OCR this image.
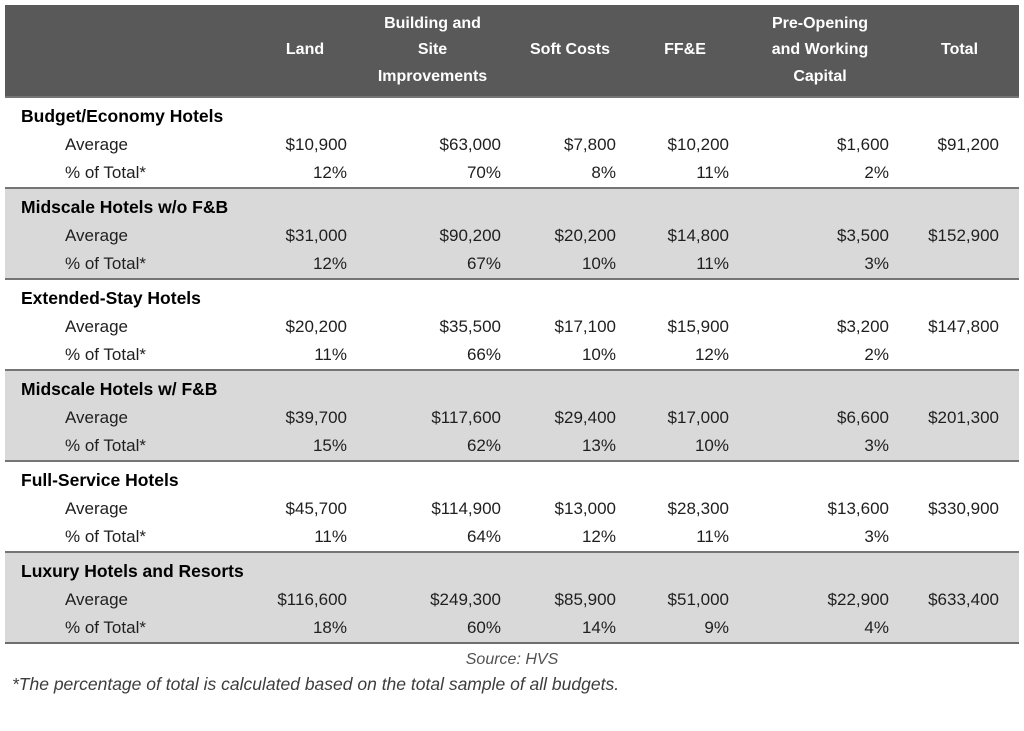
	Land	Building and Site Improvements	Soft Costs	FF&E	Pre-Opening and Working Capital	Total
Budget/Economy Hotels						
Average	$10,900	$63,000	$7,800	$10,200	$1,600	$91,200
% of Total*	12%	70%	8%	11%	2%	
Midscale Hotels w/o F&B						
Average	$31,000	$90,200	$20,200	$14,800	$3,500	$152,900
% of Total*	12%	67%	10%	11%	3%	
Extended-Stay Hotels						
Average	$20,200	$35,500	$17,100	$15,900	$3,200	$147,800
% of Total*	11%	66%	10%	12%	2%	
Midscale Hotels w/ F&B						
Average	$39,700	$117,600	$29,400	$17,000	$6,600	$201,300
% of Total*	15%	62%	13%	10%	3%	
Full-Service Hotels						
Average	$45,700	$114,900	$13,000	$28,300	$13,600	$330,900
% of Total*	11%	64%	12%	11%	3%	
Luxury Hotels and Resorts						
Average	$116,600	$249,300	$85,900	$51,000	$22,900	$633,400
% of Total*	18%	60%	14%	9%	4%	
Source: HVS
*The percentage of total is calculated based on the total sample of all budgets.
